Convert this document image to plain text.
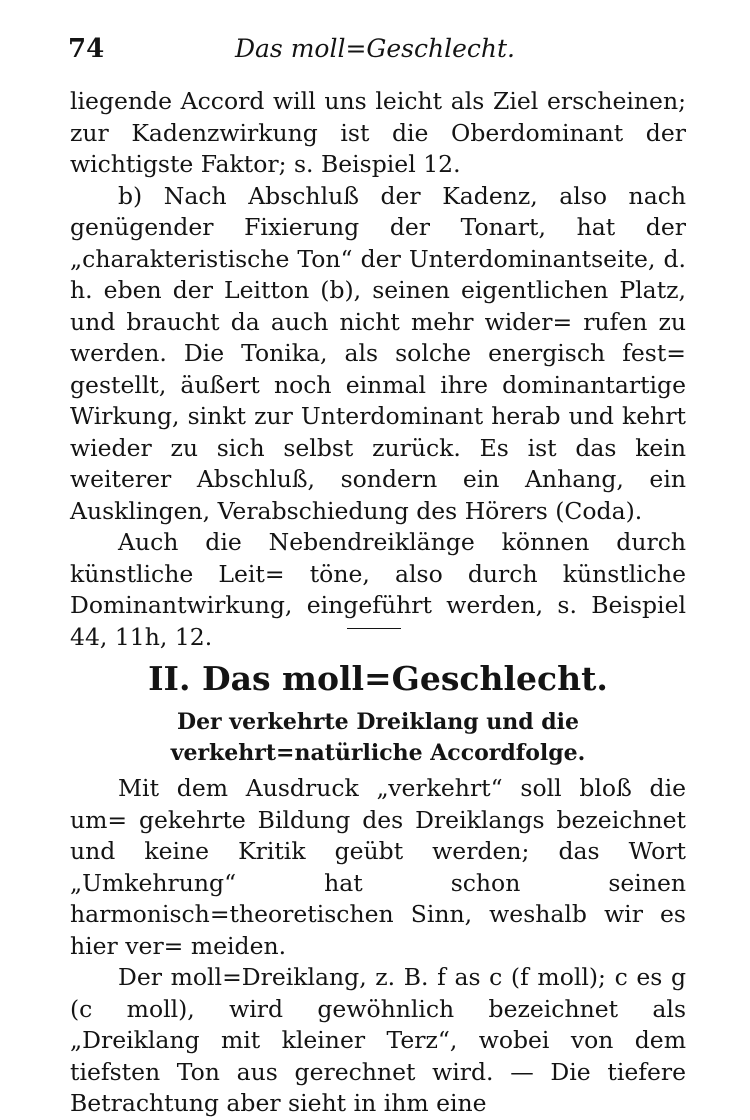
74	Das moll=Geschlecht.

liegende Accord will uns leicht als Ziel erscheinen; zur Kadenzwirkung ist die Oberdominant der wichtigste Faktor; s. Beispiel 12.

b) Nach Abschluß der Kadenz, also nach genügender Fixierung der Tonart, hat der „charakteristische Ton“ der Unterdominantseite, d. h. eben der Leitton (b), seinen eigentlichen Platz, und braucht da auch nicht mehr wider= rufen zu werden. Die Tonika, als solche energisch fest= gestellt, äußert noch einmal ihre dominantartige Wirkung, sinkt zur Unterdominant herab und kehrt wieder zu sich selbst zurück. Es ist das kein weiterer Abschluß, sondern ein Anhang, ein Ausklingen, Verabschiedung des Hörers (Coda).

Auch die Nebendreiklänge können durch künstliche Leit= töne, also durch künstliche Dominantwirkung, eingeführt werden, s. Beispiel 44, 11h, 12.

II. Das moll=Geschlecht.
Der verkehrte Dreiklang und die verkehrt=natürliche Accordfolge.

Mit dem Ausdruck „verkehrt“ soll bloß die um= gekehrte Bildung des Dreiklangs bezeichnet und keine Kritik geübt werden; das Wort „Umkehrung“ hat schon seinen harmonisch=theoretischen Sinn, weshalb wir es hier ver= meiden.

Der moll=Dreiklang, z. B. f as c (f moll); c es g (c moll), wird gewöhnlich bezeichnet als „Dreiklang mit kleiner Terz“, wobei von dem tiefsten Ton aus gerechnet wird. — Die tiefere Betrachtung aber sieht in ihm eine
